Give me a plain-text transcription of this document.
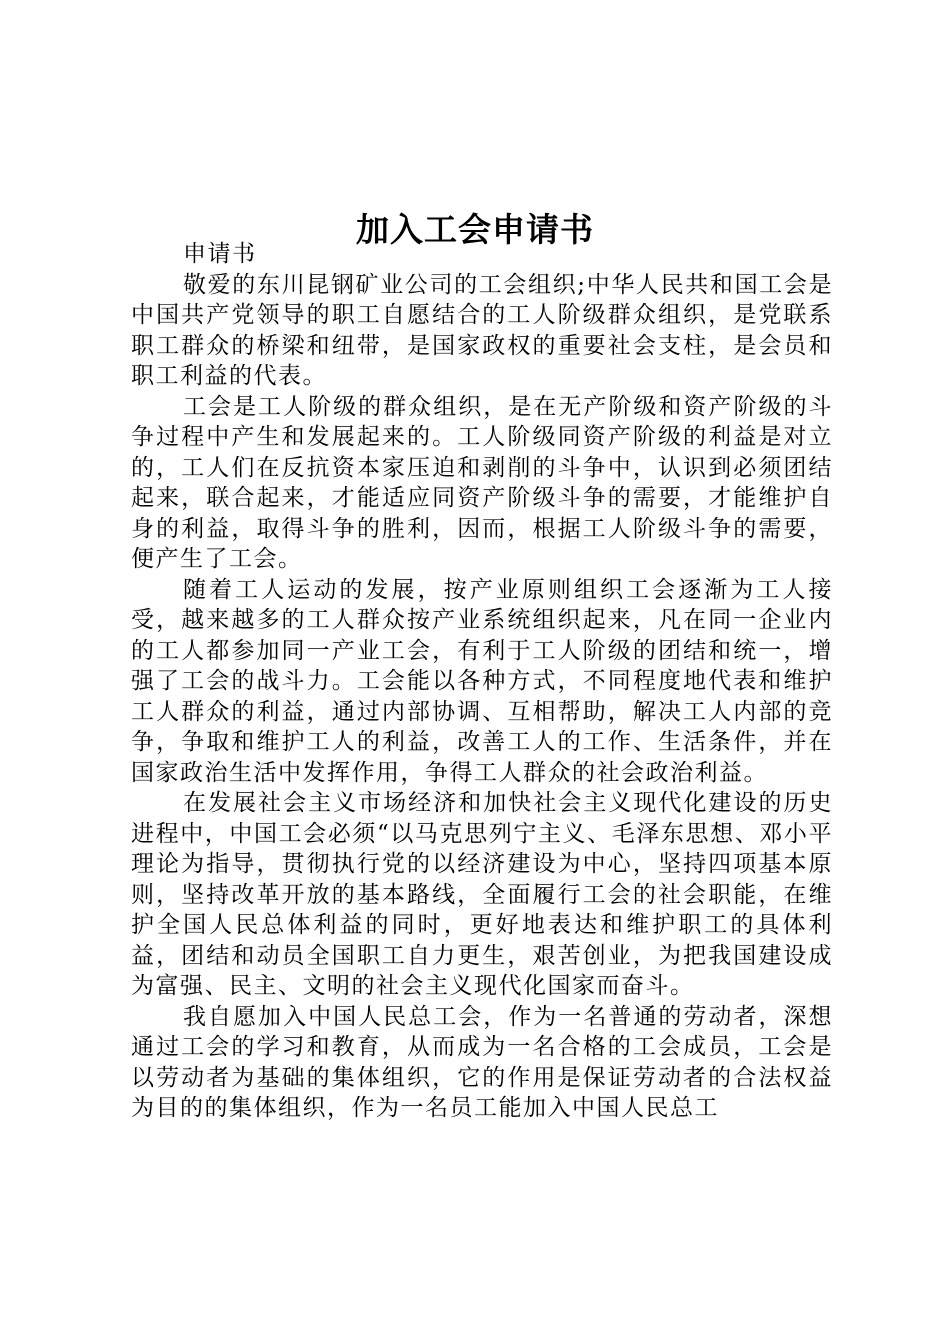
加入工会申请书

申请书

敬爱的东川昆钢矿业公司的工会组织;中华人民共和国工会是中国共产党领导的职工自愿结合的工人阶级群众组织，是党联系职工群众的桥梁和纽带，是国家政权的重要社会支柱，是会员和职工利益的代表。

工会是工人阶级的群众组织，是在无产阶级和资产阶级的斗争过程中产生和发展起来的。工人阶级同资产阶级的利益是对立的，工人们在反抗资本家压迫和剥削的斗争中，认识到必须团结起来，联合起来，才能适应同资产阶级斗争的需要，才能维护自身的利益，取得斗争的胜利，因而，根据工人阶级斗争的需要，便产生了工会。

随着工人运动的发展，按产业原则组织工会逐渐为工人接受，越来越多的工人群众按产业系统组织起来，凡在同一企业内的工人都参加同一产业工会，有利于工人阶级的团结和统一，增强了工会的战斗力。工会能以各种方式，不同程度地代表和维护工人群众的利益，通过内部协调、互相帮助，解决工人内部的竞争，争取和维护工人的利益，改善工人的工作、生活条件，并在国家政治生活中发挥作用，争得工人群众的社会政治利益。

在发展社会主义市场经济和加快社会主义现代化建设的历史进程中，中国工会必须“以马克思列宁主义、毛泽东思想、邓小平理论为指导，贯彻执行党的以经济建设为中心，坚持四项基本原则，坚持改革开放的基本路线，全面履行工会的社会职能，在维护全国人民总体利益的同时，更好地表达和维护职工的具体利益，团结和动员全国职工自力更生，艰苦创业，为把我国建设成为富强、民主、文明的社会主义现代化国家而奋斗。

我自愿加入中国人民总工会，作为一名普通的劳动者，深想通过工会的学习和教育，从而成为一名合格的工会成员，工会是以劳动者为基础的集体组织，它的作用是保证劳动者的合法权益为目的的集体组织，作为一名员工能加入中国人民总工
